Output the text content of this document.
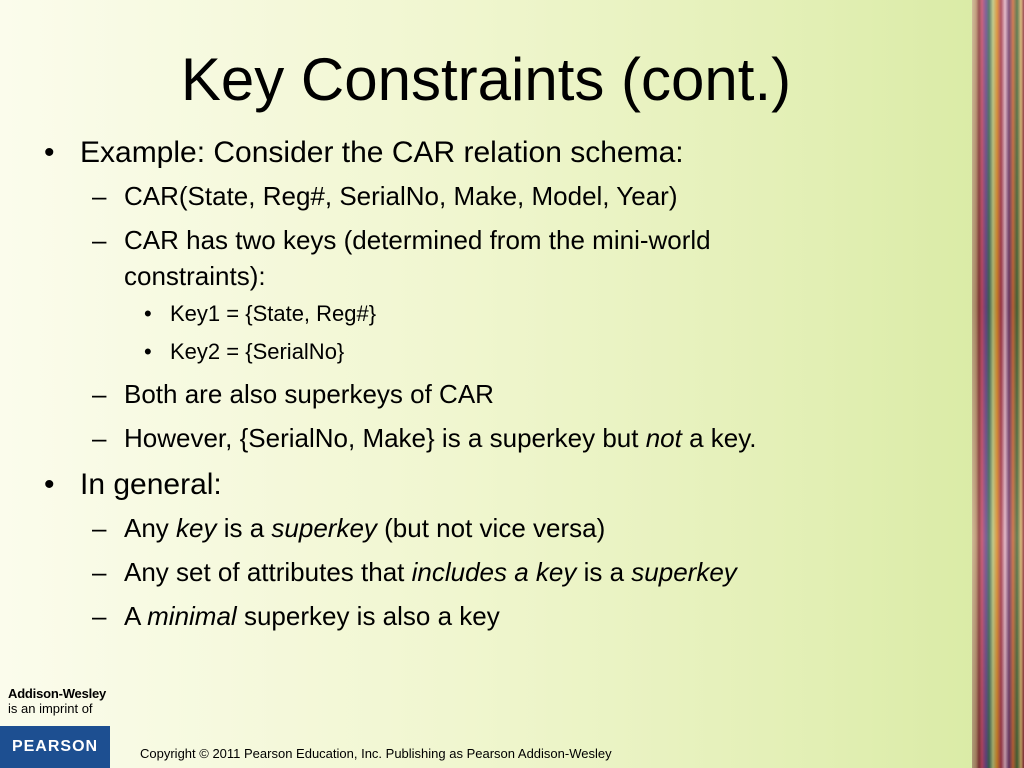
Key Constraints (cont.)
• Example: Consider the CAR relation schema:
– CAR(State, Reg#, SerialNo, Make, Model, Year)
– CAR has two keys (determined from the mini-world
constraints):
• Key1 = {State, Reg#}
• Key2 = {SerialNo}
– Both are also superkeys of CAR
– However, {SerialNo, Make} is a superkey but not a key.
• In general:
– Any key is a superkey (but not vice versa)
– Any set of attributes that includes a key is a superkey
– A minimal superkey is also a key
Addison-Wesley
is an imprint of
PEARSON	Copyright © 2011 Pearson Education, Inc. Publishing as Pearson Addison-Wesley
